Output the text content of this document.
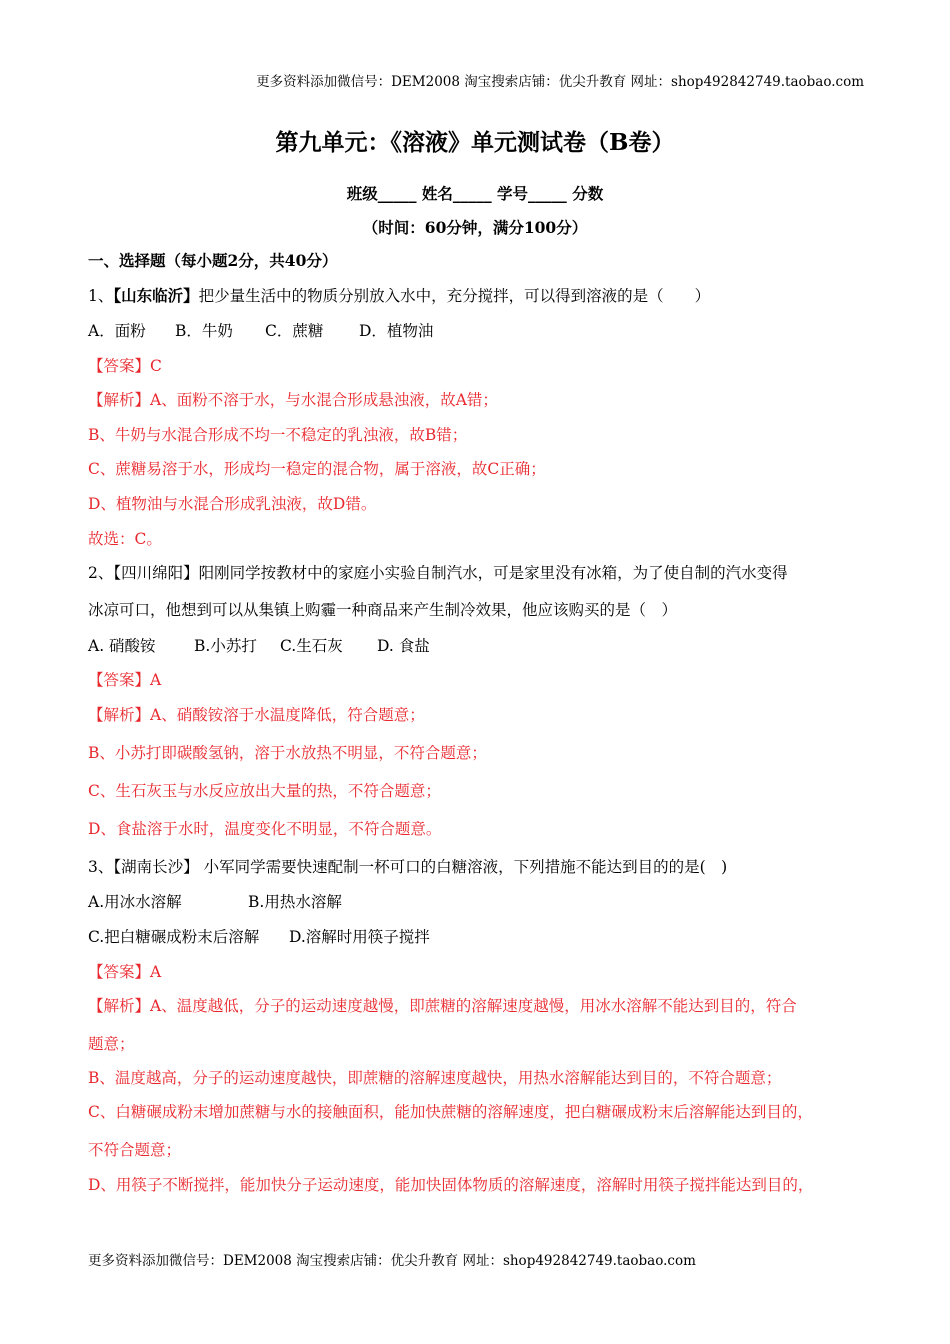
更多资料添加微信号：DEM2008 淘宝搜索店铺：优尖升教育 网址：shop492842749.taobao.com
第九单元：《溶液》单元测试卷（B卷）
班级_____ 姓名_____ 学号_____ 分数
（时间：60分钟，满分100分）
一、选择题（每小题2分，共40分）
1、【山东临沂】把少量生活中的物质分别放入水中，充分搅拌，可以得到溶液的是（　　）
A．面粉 B．牛奶 C．蔗糖 D．植物油
【答案】C
【解析】A、面粉不溶于水，与水混合形成悬浊液，故A错；
B、牛奶与水混合形成不均一不稳定的乳浊液，故B错；
C、蔗糖易溶于水，形成均一稳定的混合物，属于溶液，故C正确；
D、植物油与水混合形成乳浊液，故D错。
故选：C。
2、【四川绵阳】阳刚同学按教材中的家庭小实验自制汽水，可是家里没有冰箱，为了使自制的汽水变得
冰凉可口，他想到可以从集镇上购霾一种商品来产生制冷效果，他应该购买的是（　）
A. 硝酸铵 B.小苏打 C.生石灰 D. 食盐
【答案】A
【解析】A、硝酸铵溶于水温度降低，符合题意；
B、小苏打即碳酸氢钠，溶于水放热不明显，不符合题意；
C、生石灰玉与水反应放出大量的热，不符合题意；
D、食盐溶于水时，温度变化不明显，不符合题意。
3、【湖南长沙】 小军同学需要快速配制一杯可口的白糖溶液，下列措施不能达到目的的是(　)
A.用冰水溶解	B.用热水溶解
C.把白糖碾成粉末后溶解 D.溶解时用筷子搅拌
【答案】A
【解析】A、温度越低，分子的运动速度越慢，即蔗糖的溶解速度越慢，用冰水溶解不能达到目的，符合
题意；
B、温度越高，分子的运动速度越快，即蔗糖的溶解速度越快，用热水溶解能达到目的，不符合题意；
C、白糖碾成粉末增加蔗糖与水的接触面积，能加快蔗糖的溶解速度，把白糖碾成粉末后溶解能达到目的，
不符合题意；
D、用筷子不断搅拌，能加快分子运动速度，能加快固体物质的溶解速度，溶解时用筷子搅拌能达到目的，
更多资料添加微信号：DEM2008 淘宝搜索店铺：优尖升教育 网址：shop492842749.taobao.com
